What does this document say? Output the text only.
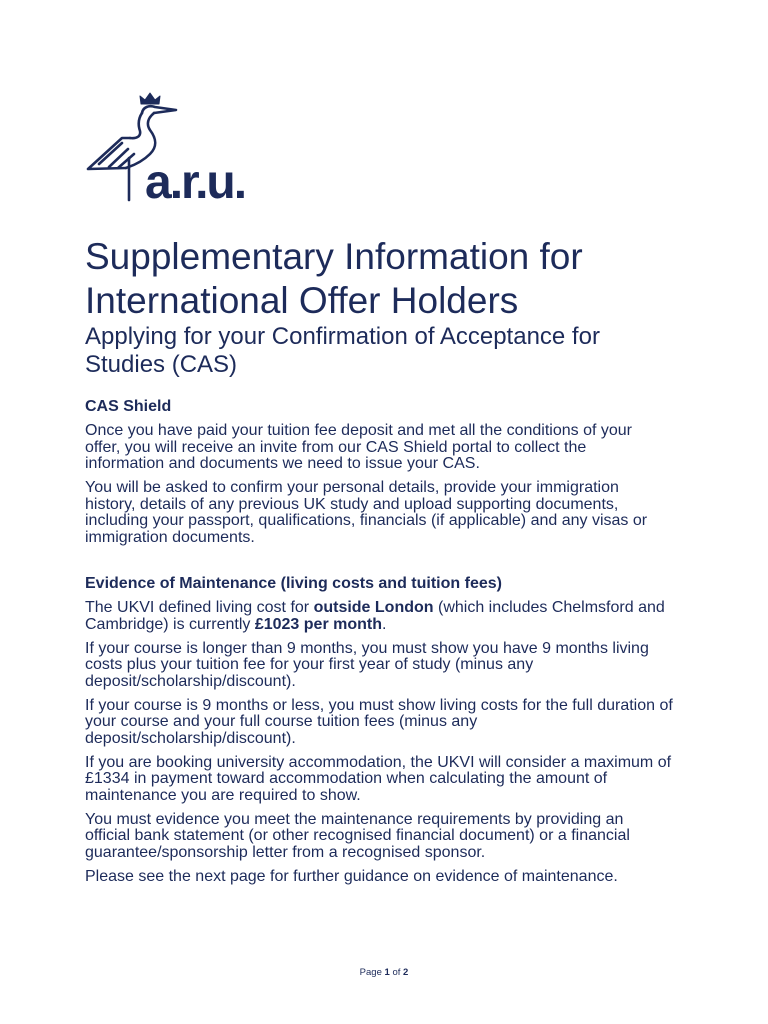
a.r.u.
Supplementary Information for
International Offer Holders
Applying for your Confirmation of Acceptance for
Studies (CAS)
CAS Shield

Once you have paid your tuition fee deposit and met all the conditions of your
offer, you will receive an invite from our CAS Shield portal to collect the
information and documents we need to issue your CAS.

You will be asked to confirm your personal details, provide your immigration
history, details of any previous UK study and upload supporting documents,
including your passport, qualifications, financials (if applicable) and any visas or
immigration documents.

Evidence of Maintenance (living costs and tuition fees)

The UKVI defined living cost for outside London (which includes Chelmsford and
Cambridge) is currently £1023 per month.

If your course is longer than 9 months, you must show you have 9 months living
costs plus your tuition fee for your first year of study (minus any
deposit/scholarship/discount).

If your course is 9 months or less, you must show living costs for the full duration of
your course and your full course tuition fees (minus any
deposit/scholarship/discount).

If you are booking university accommodation, the UKVI will consider a maximum of
£1334 in payment toward accommodation when calculating the amount of
maintenance you are required to show.

You must evidence you meet the maintenance requirements by providing an
official bank statement (or other recognised financial document) or a financial
guarantee/sponsorship letter from a recognised sponsor.

Please see the next page for further guidance on evidence of maintenance.

Page 1 of 2
